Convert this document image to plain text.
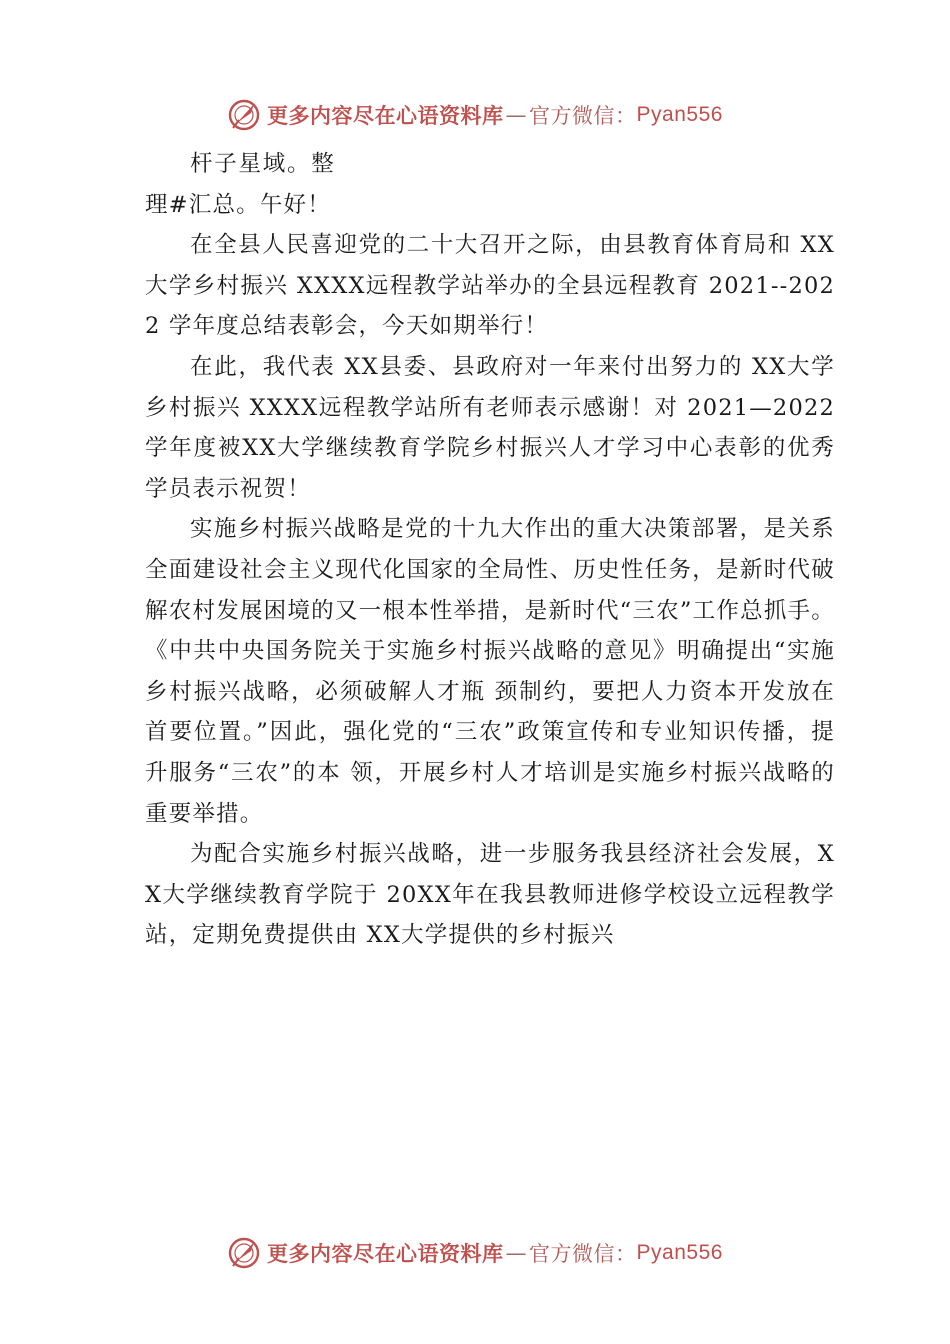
更多内容尽在心语资料库 — 官方微信： Pyan556

杆子星域。整理#汇总。午好！

在全县人民喜迎党的二十大召开之际，由县教育体育局和 XX大学乡村振兴 XXXX远程教学站举办的全县远程教育 2021--2022 学年度总结表彰会，今天如期举行！

在此，我代表 XX县委、县政府对一年来付出努力的 XX大学乡村振兴 XXXX远程教学站所有老师表示感谢！对 2021—2022 学年度被XX大学继续教育学院乡村振兴人才学习中心表彰的优秀学员表示祝贺！

实施乡村振兴战略是党的十九大作出的重大决策部署，是关系全面建设社会主义现代化国家的全局性、历史性任务，是新时代破解农村发展困境的又一根本性举措，是新时代“三农”工作总抓手。《中共中央国务院关于实施乡村振兴战略的意见》明确提出“实施乡村振兴战略，必须破解人才瓶 颈制约，要把人力资本开发放在首要位置。”因此，强化党的“三农”政策宣传和专业知识传播，提升服务“三农”的本 领，开展乡村人才培训是实施乡村振兴战略的重要举措。

为配合实施乡村振兴战略，进一步服务我县经济社会发展，XX大学继续教育学院于 20XX年在我县教师进修学校设立远程教学站，定期免费提供由 XX大学提供的乡村振兴

更多内容尽在心语资料库 — 官方微信： Pyan556
